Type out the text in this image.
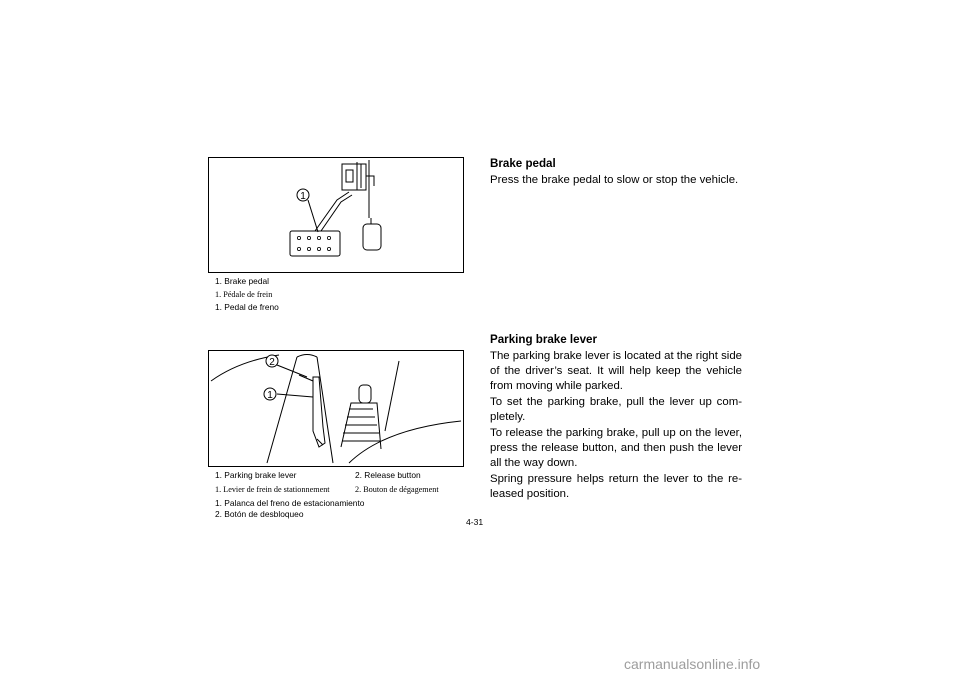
1
1. Brake pedal
1. Pédale de frein
1. Pedal de freno
2
1
1. Parking brake lever	2. Release button
1. Levier de frein de stationnement	2. Bouton de dégagement
1. Palanca del freno de estacionamiento
2. Botón de desbloqueo
Brake pedal
Press the brake pedal to slow or stop the vehicle.
Parking brake lever
The parking brake lever is located at the right side of the driver’s seat. It will help keep the vehicle from moving while parked.
To set the parking brake, pull the lever up com-pletely.
To release the parking brake, pull up on the lever, press the release button, and then push the lever all the way down.
Spring pressure helps return the lever to the re-leased position.
4-31
carmanualsonline.info
